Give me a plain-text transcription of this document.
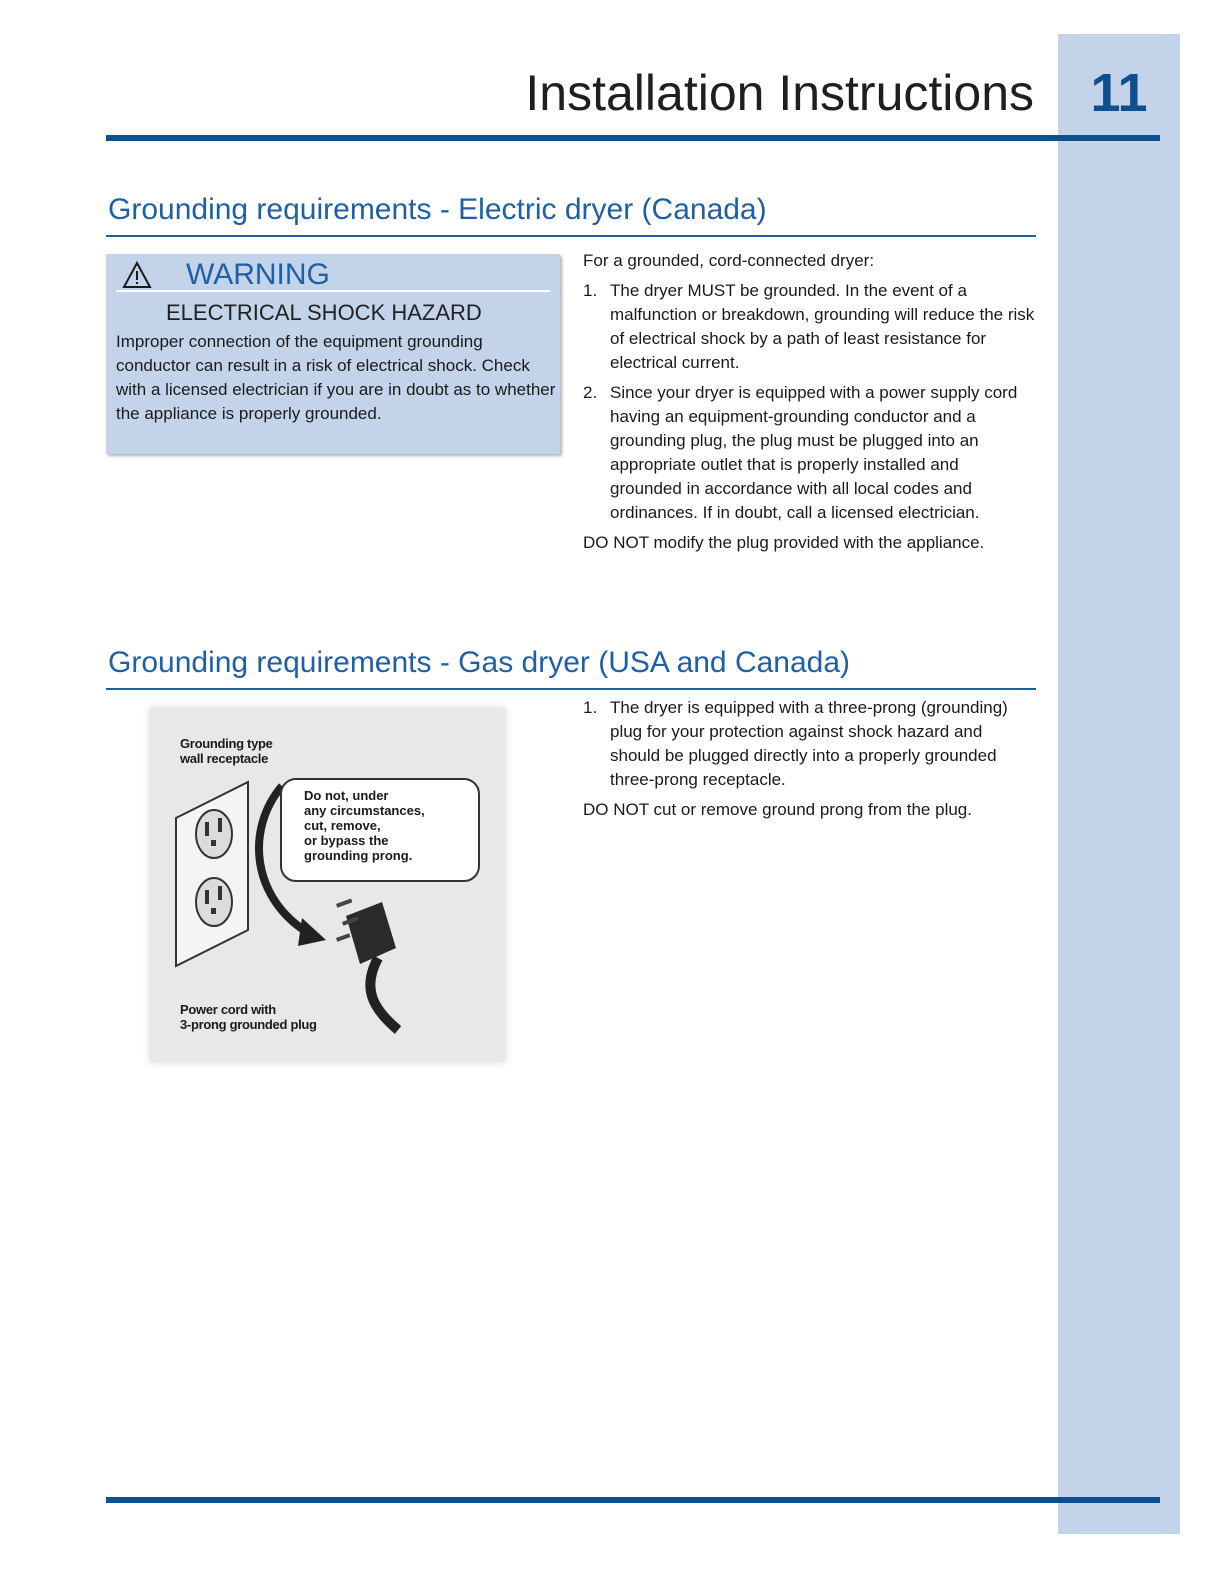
11
Installation Instructions
Grounding requirements - Electric dryer (Canada)
WARNING
ELECTRICAL SHOCK HAZARD
Improper connection of the equipment grounding conductor can result in a risk of electrical shock. Check with a licensed electrician if you are in doubt as to whether the appliance is properly grounded.

For a grounded, cord-connected dryer:

1. The dryer MUST be grounded. In the event of a malfunction or breakdown, grounding will reduce the risk of electrical shock by a path of least resistance for electrical current.
2. Since your dryer is equipped with a power supply cord having an equipment-grounding conductor and a grounding plug, the plug must be plugged into an appropriate outlet that is properly installed and grounded in accordance with all local codes and ordinances. If in doubt, call a licensed electrician.

DO NOT modify the plug provided with the appliance.

Grounding requirements - Gas dryer (USA and Canada)
1. The dryer is equipped with a three-prong (grounding) plug for your protection against shock hazard and should be plugged directly into a properly grounded three-prong receptacle.

DO NOT cut or remove ground prong from the plug.

Grounding type
wall receptacle
Do not, under
any circumstances,
cut, remove,
or bypass the
grounding prong.
Power cord with
3-prong grounded plug
